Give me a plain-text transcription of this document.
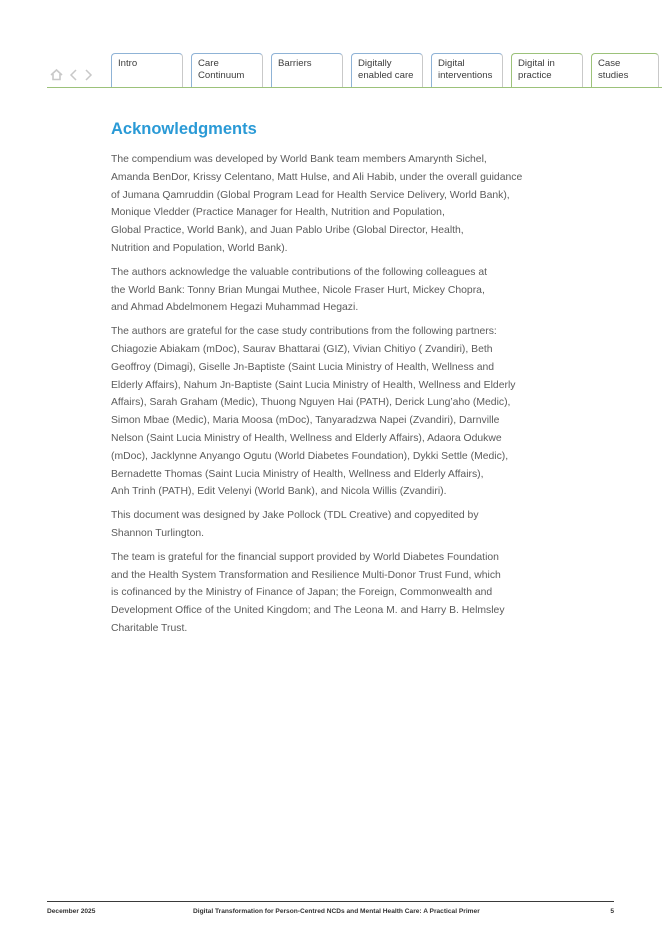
Intro	Care
Continuum
Barriers	Digitally
enabled care
Digital
interventions
Digital in
practice
Case
studies
Acknowledgments

The compendium was developed by World Bank team members Amarynth Sichel,
Amanda BenDor, Krissy Celentano, Matt Hulse, and Ali Habib, under the overall guidance
of Jumana Qamruddin (Global Program Lead for Health Service Delivery, World Bank),
Monique Vledder (Practice Manager for Health, Nutrition and Population,
Global Practice, World Bank), and Juan Pablo Uribe (Global Director, Health,
Nutrition and Population, World Bank).

The authors acknowledge the valuable contributions of the following colleagues at
the World Bank: Tonny Brian Mungai Muthee, Nicole Fraser Hurt, Mickey Chopra,
and Ahmad Abdelmonem Hegazi Muhammad Hegazi.

The authors are grateful for the case study contributions from the following partners:
Chiagozie Abiakam (mDoc), Saurav Bhattarai (GIZ), Vivian Chitiyo ( Zvandiri), Beth
Geoffroy (Dimagi), Giselle Jn-Baptiste (Saint Lucia Ministry of Health, Wellness and
Elderly Affairs), Nahum Jn-Baptiste (Saint Lucia Ministry of Health, Wellness and Elderly
Affairs), Sarah Graham (Medic), Thuong Nguyen Hai (PATH), Derick Lung’aho (Medic),
Simon Mbae (Medic), Maria Moosa (mDoc), Tanyaradzwa Napei (Zvandiri), Darnville
Nelson (Saint Lucia Ministry of Health, Wellness and Elderly Affairs), Adaora Odukwe
(mDoc), Jacklynne Anyango Ogutu (World Diabetes Foundation), Dykki Settle (Medic),
Bernadette Thomas (Saint Lucia Ministry of Health, Wellness and Elderly Affairs),
Anh Trinh (PATH), Edit Velenyi (World Bank), and Nicola Willis (Zvandiri).

This document was designed by Jake Pollock (TDL Creative) and copyedited by
Shannon Turlington.

The team is grateful for the financial support provided by World Diabetes Foundation
and the Health System Transformation and Resilience Multi-Donor Trust Fund, which
is cofinanced by the Ministry of Finance of Japan; the Foreign, Commonwealth and
Development Office of the United Kingdom; and The Leona M. and Harry B. Helmsley
Charitable Trust.

December 2025	Digital Transformation for Person-Centred NCDs and Mental Health Care: A Practical Primer	5
